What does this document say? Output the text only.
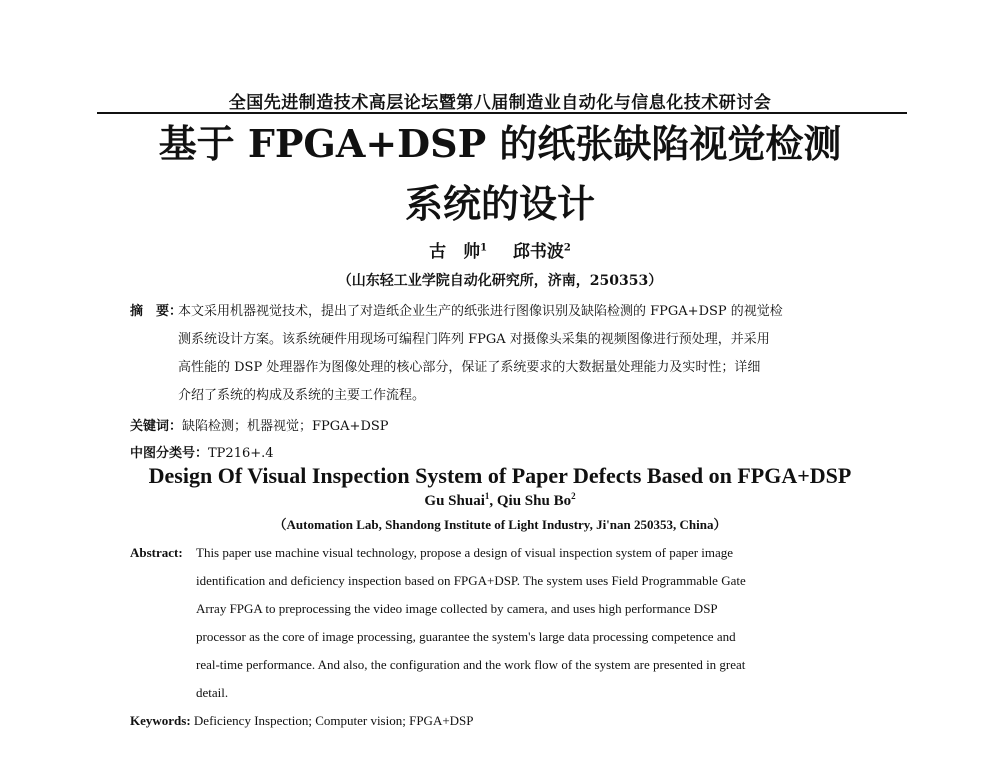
全国先进制造技术高层论坛暨第八届制造业自动化与信息化技术研讨会
基于 FPGA+DSP 的纸张缺陷视觉检测
系统的设计
古　帅$^1$ 邱书波$^2$
（山东轻工业学院自动化研究所，济南，250353）
摘　要：
本文采用机器视觉技术，提出了对造纸企业生产的纸张进行图像识别及缺陷检测的 FPGA+DSP 的视觉检
测系统设计方案。该系统硬件用现场可编程门阵列 FPGA 对摄像头采集的视频图像进行预处理，并采用
高性能的 DSP 处理器作为图像处理的核心部分，保证了系统要求的大数据量处理能力及实时性；详细
介绍了系统的构成及系统的主要工作流程。
关键词：缺陷检测；机器视觉；FPGA+DSP
中图分类号：TP216+.4
Design Of Visual Inspection System of Paper Defects Based on FPGA+DSP
Gu Shuai$^1$, Qiu Shu Bo$^2$
（Automation Lab, Shandong Institute of Light Industry, Ji'nan 250353, China）
Abstract: This paper use machine visual technology, propose a design of visual inspection system of paper image
identification and deficiency inspection based on FPGA+DSP. The system uses Field Programmable Gate
Array FPGA to preprocessing the video image collected by camera, and uses high performance DSP
processor as the core of image processing, guarantee the system's large data processing competence and
real-time performance. And also, the configuration and the work flow of the system are presented in great
detail.
Keywords: Deficiency Inspection; Computer vision; FPGA+DSP
